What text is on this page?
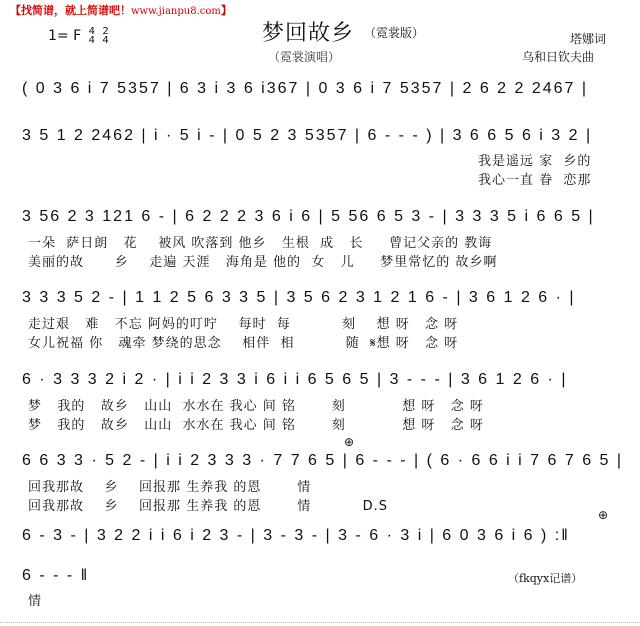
【找简谱，就上简谱吧！www.jianpu8.com】
1= F 4
4

2
4	梦回故乡 （霓裳版）
（霓裳演唱）
塔娜词
乌和日钦夫曲
( 0 3 6 i 7 5357 | 6 3 i 3 6 i367 | 0 3 6 i 7 5357 | 2 6 2 2 2467 |
3 5 1 2 2462 | i · 5 i - | 0 5 2 3 5357 | 6 - - - ) | 3 6 6 5 6 i 3 2 |
我是遥远 家  乡的
我心一直 眷  恋那
3 56 2 3 121 6 - | 6 2 2 2 3 6 i 6 | 5 56 6 5 3 - | 3 3 3 5 i 6 6 5 |
一朵  萨日朗   花    被风 吹落到 他乡   生根  成   长     曾记父亲的 教诲
美丽的故      乡    走遍 天涯   海角是 他的  女   儿     梦里常忆的 故乡啊
3 3 3 5 2 - | 1 1 2 5 6 3 3 5 | 3 5 6 2 3 1 2 1 6 - | 3 6 1 2 6 · |
走过艰   难   不忘 阿妈的叮咛    每时  每          刻    想 呀   念 呀
女儿祝福 你   魂牵 梦绕的思念    相伴  相          随  𝄋想 呀   念 呀
6 · 3 3 3 2 i 2 · | i i 2 3 3 i 6 i i 6 5 6 5 | 3 - - - | 3 6 1 2 6 · |
梦   我的   故乡   山山  水水在 我心 间 铭       刻           想 呀   念 呀
梦   我的   故乡   山山  水水在 我心 间 铭       刻           想 呀   念 呀
⊕
6 6 3 3 · 5 2 - | i i 2 3 3 3 · 7 7 6 5 | 6 - - - | ( 6 · 6 6 i i 7 6 7 6 5 |
回我那故    乡    回报那 生养我 的恩       情
回我那故    乡    回报那 生养我 的恩       情          D.S
⊕
6 - 3 - | 3 2 2 i i 6 i 2 3 - | 3 - 3 - | 3 - 6 · 3 i | 6 0 3 6 i 6 ) :‖
6 - - - ‖
情
（fkqyx记谱）
